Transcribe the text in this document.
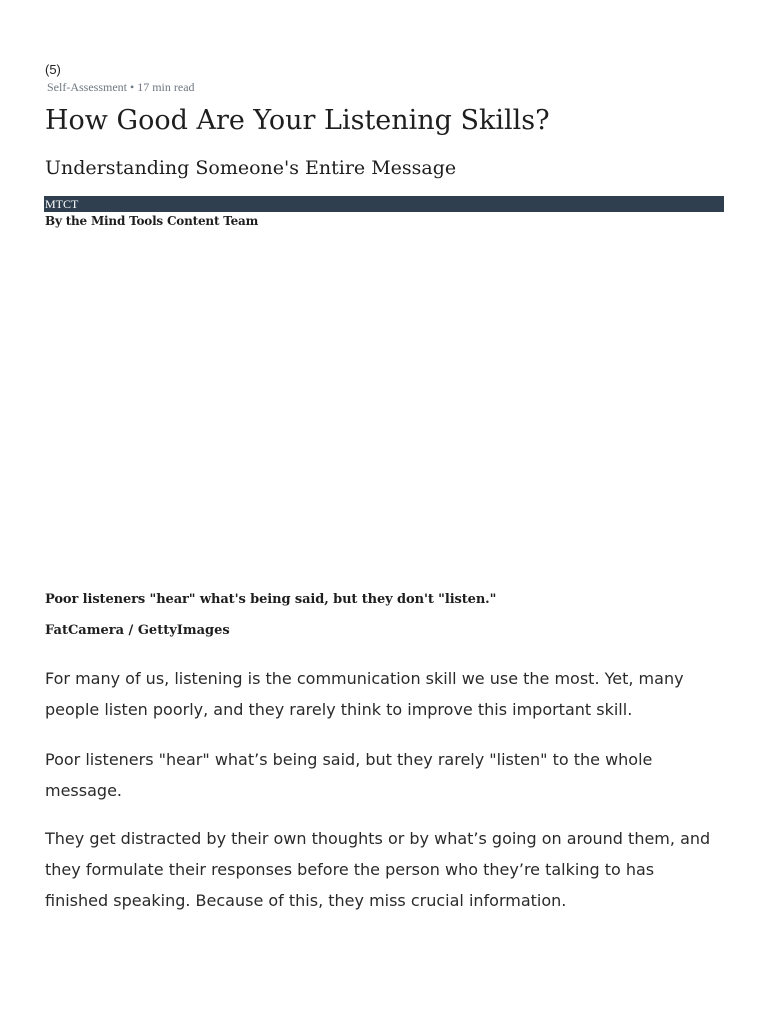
(5)
Self-Assessment • 17 min read
How Good Are Your Listening Skills?
Understanding Someone's Entire Message
MTCT
By the Mind Tools Content Team
Poor listeners "hear" what's being said, but they don't "listen."
FatCamera / GettyImages

For many of us, listening is the communication skill we use the most. Yet, many people listen poorly, and they rarely think to improve this important skill.

Poor listeners "hear" what’s being said, but they rarely "listen" to the whole message.

They get distracted by their own thoughts or by what’s going on around them, and they formulate their responses before the person who they’re talking to has finished speaking. Because of this, they miss crucial information.
